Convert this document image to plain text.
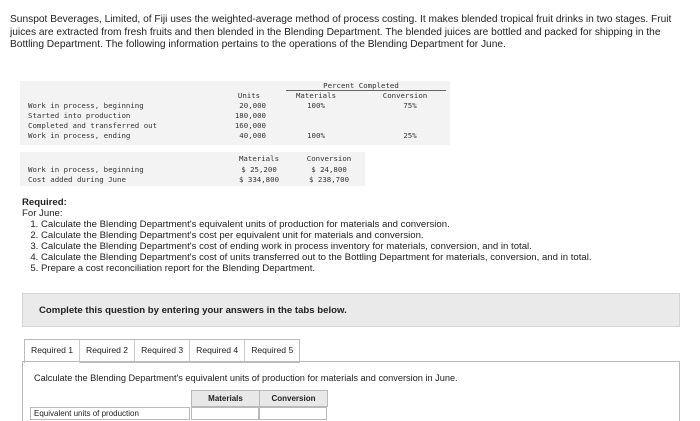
Sunspot Beverages, Limited, of Fiji uses the weighted-average method of process costing. It makes blended tropical fruit drinks in two stages. Fruit juices are extracted from fresh fruits and then blended in the Blending Department. The blended juices are bottled and packed for shipping in the Bottling Department. The following information pertains to the operations of the Blending Department for June.
Percent Completed
Units	Materials	Conversion
Work in process, beginning	20,000	100%	75%
Started into production	180,000
Completed and transferred out	160,000
Work in process, ending	40,000	100%	25%
Materials	Conversion
Work in process, beginning	$ 25,200	$ 24,800
Cost added during June	$ 334,800	$ 238,700
Required:
For June:
1. Calculate the Blending Department's equivalent units of production for materials and conversion.
2. Calculate the Blending Department's cost per equivalent unit for materials and conversion.
3. Calculate the Blending Department's cost of ending work in process inventory for materials, conversion, and in total.
4. Calculate the Blending Department's cost of units transferred out to the Bottling Department for materials, conversion, and in total.
5. Prepare a cost reconciliation report for the Blending Department.
Complete this question by entering your answers in the tabs below.
Required 1	Required 2	Required 3	Required 4	Required 5
Calculate the Blending Department's equivalent units of production for materials and conversion in June.
Materials	Conversion
Equivalent units of production
